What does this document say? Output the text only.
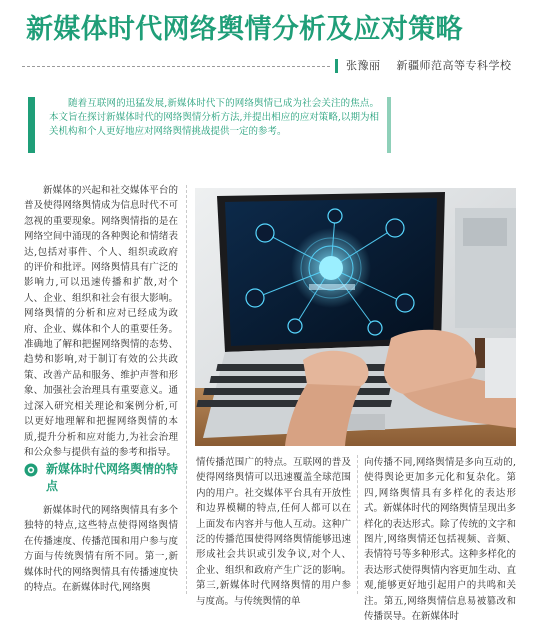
新媒体时代网络舆情分析及应对策略
张豫丽 新疆师范高等专科学校

随着互联网的迅猛发展,新媒体时代下的网络舆情已成为社会关注的焦点。本文旨在探讨新媒体时代的网络舆情分析方法,并提出相应的应对策略,以期为相关机构和个人更好地应对网络舆情挑战提供一定的参考。

新媒体的兴起和社交媒体平台的普及使得网络舆情成为信息时代不可忽视的重要现象。网络舆情指的是在网络空间中涌现的各种舆论和情绪表达,包括对事件、个人、组织或政府的评价和批评。网络舆情具有广泛的影响力,可以迅速传播和扩散,对个人、企业、组织和社会有很大影响。网络舆情的分析和应对已经成为政府、企业、媒体和个人的重要任务。准确地了解和把握网络舆情的态势、趋势和影响,对于制订有效的公共政策、改善产品和服务、维护声誉和形象、加强社会治理具有重要意义。通过深入研究相关理论和案例分析,可以更好地理解和把握网络舆情的本质,提升分析和应对能力,为社会治理和公众参与提供有益的参考和指导。

新媒体时代网络舆情的特点

新媒体时代的网络舆情具有多个独特的特点,这些特点使得网络舆情在传播速度、传播范围和用户参与度方面与传统舆情有所不同。第一,新媒体时代的网络舆情具有传播速度快的特点。在新媒体时代,网络舆

情传播范围广的特点。互联网的普及使得网络舆情可以迅速覆盖全球范围内的用户。社交媒体平台具有开放性和边界模糊的特点,任何人都可以在上面发布内容并与他人互动。这种广泛的传播范围使得网络舆情能够迅速形成社会共识或引发争议,对个人、企业、组织和政府产生广泛的影响。第三,新媒体时代网络舆情的用户参与度高。与传统舆情的单

向传播不同,网络舆情是多向互动的,使得舆论更加多元化和复杂化。第四,网络舆情具有多样化的表达形式。新媒体时代的网络舆情呈现出多样化的表达形式。除了传统的文字和图片,网络舆情还包括视频、音频、表情符号等多种形式。这种多样化的表达形式使得舆情内容更加生动、直观,能够更好地引起用户的共鸣和关注。第五,网络舆情信息易被篡改和传播误导。在新媒体时
